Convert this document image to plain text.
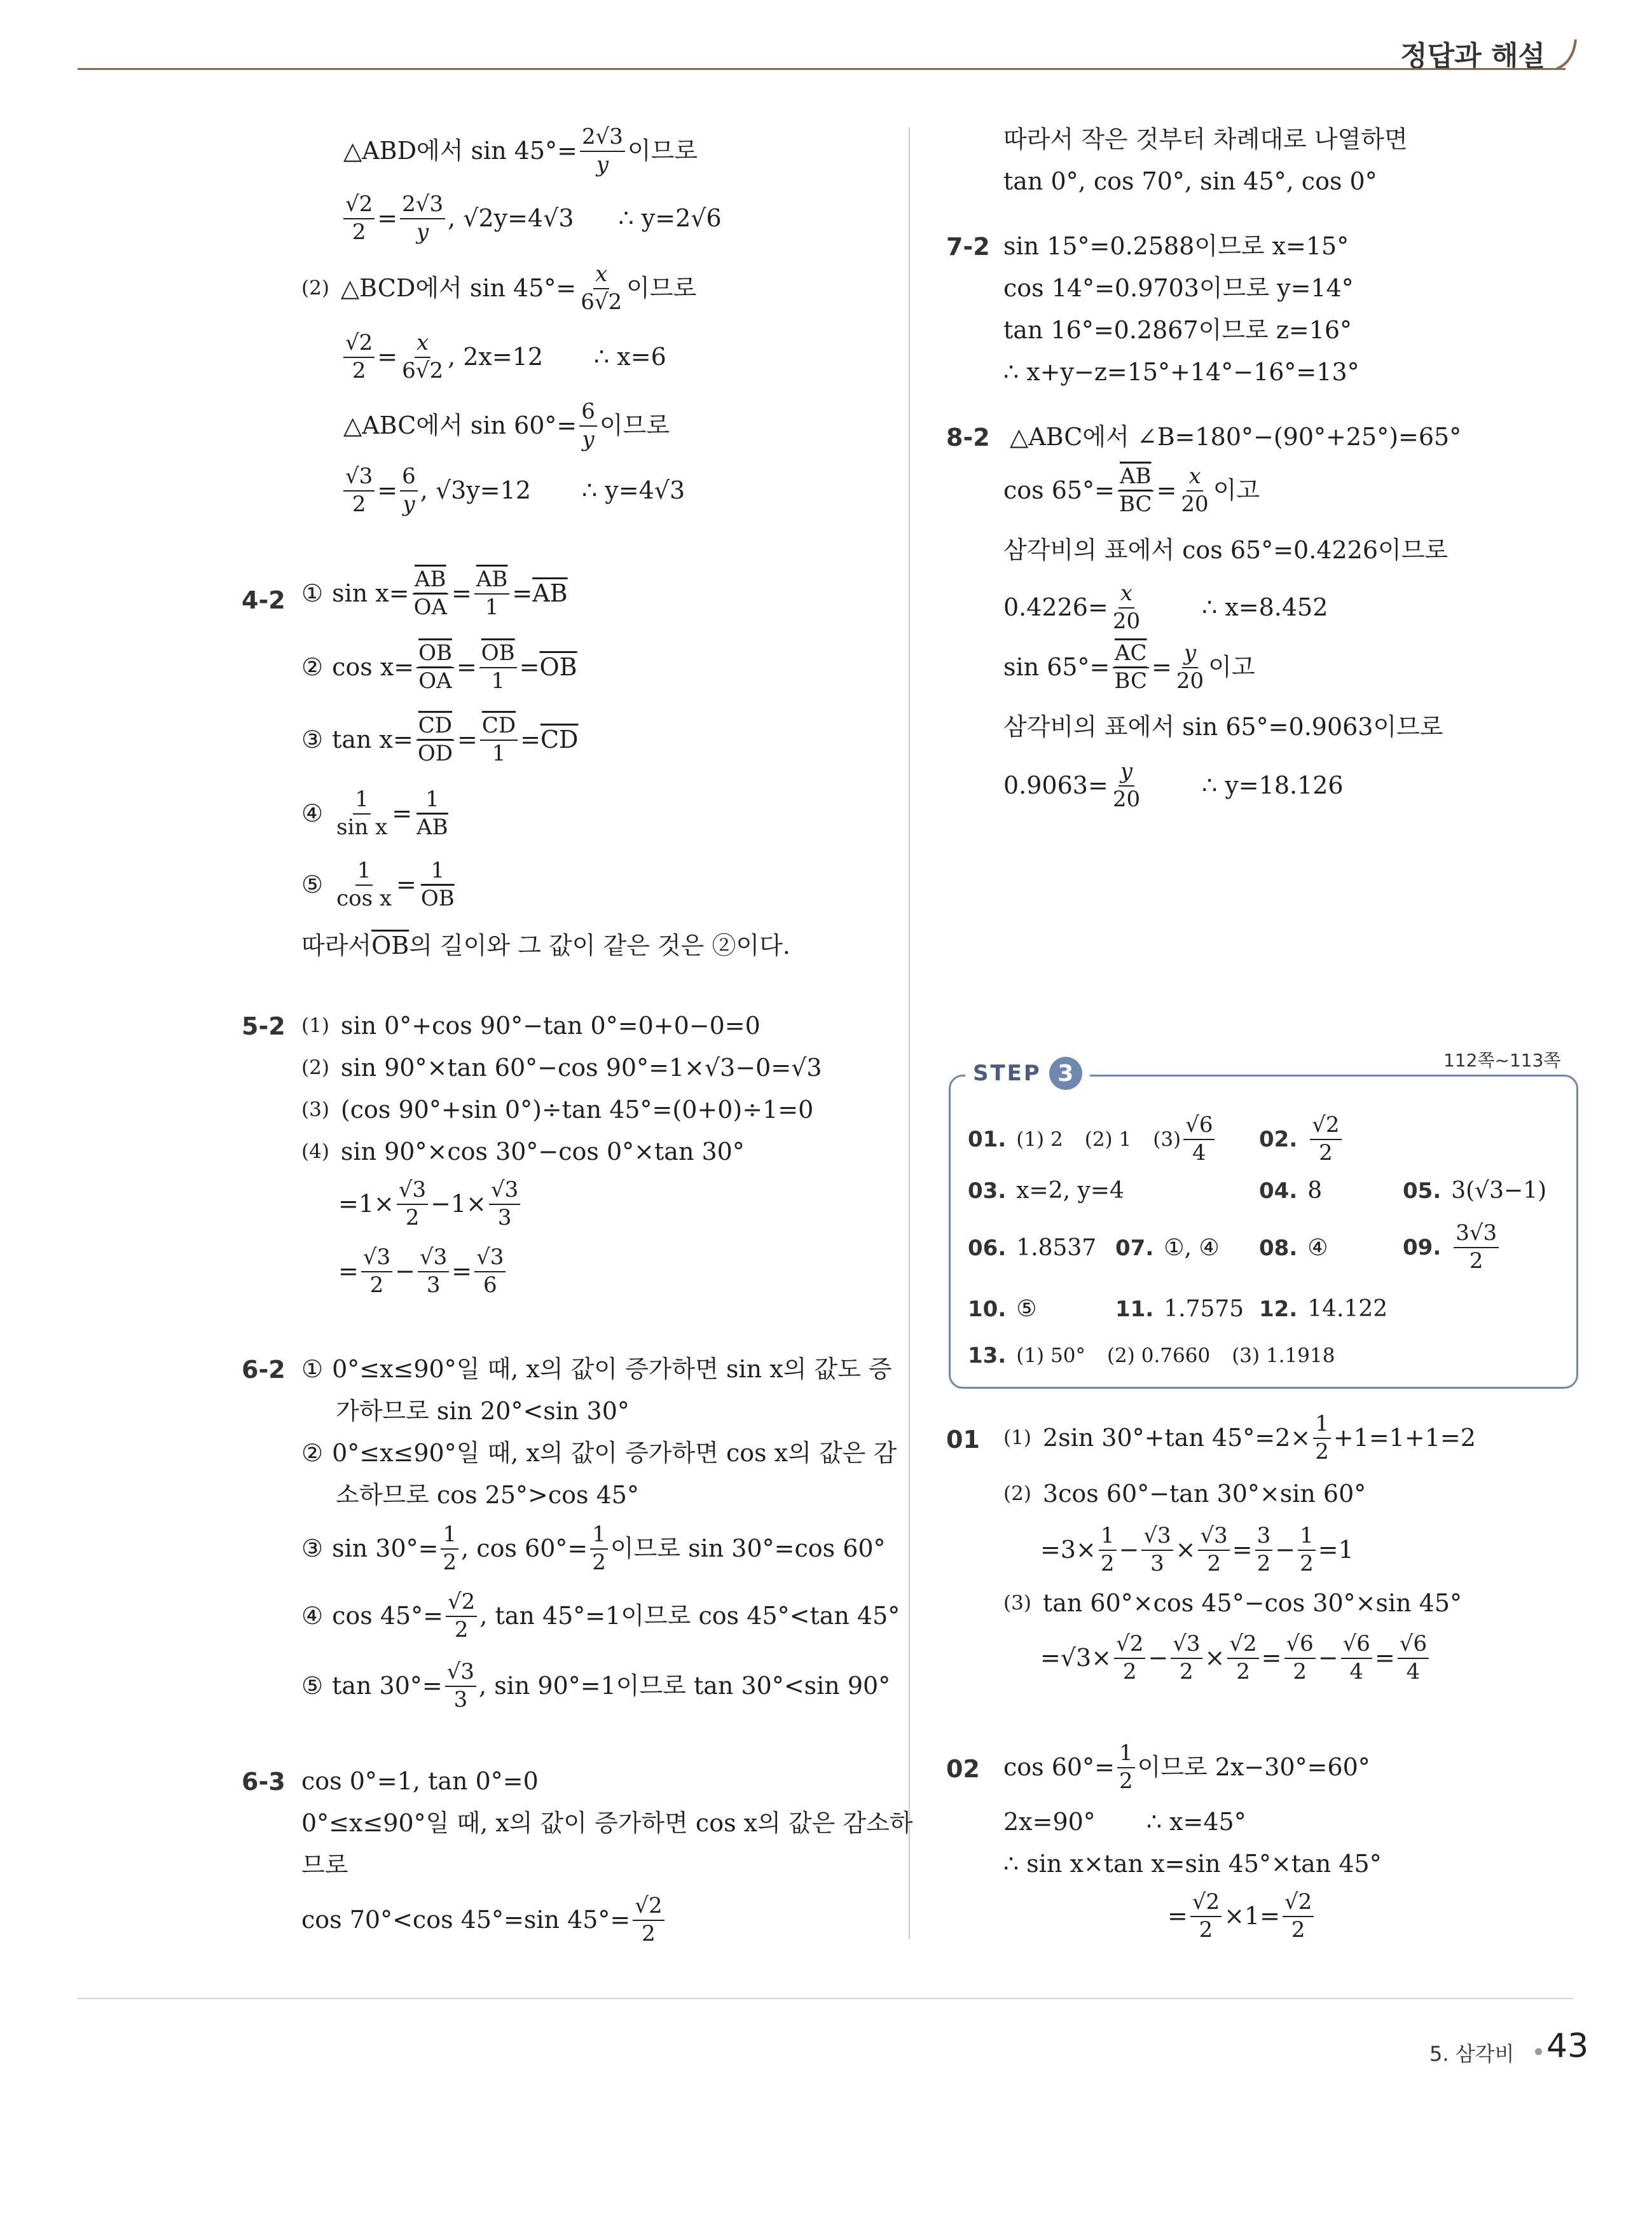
정답과 해설
△ABD에서 $\sin 45^\circ= \frac{2√3}{y}$ 이므로
$\frac{√2}{2} = \frac{2√3}{y}$ , √2y=4√3 ∴ y=2√6
(2) △BCD에서 $\sin 45^\circ= \frac{x}{6√2}$ 이므로
$\frac{√2}{2} = \frac{x}{6√2}$ , 2x=12 ∴ x=6
△ABC에서 $\sin 60^\circ= \frac{6}{y}$ 이므로
$\frac{√3}{2} = \frac{6}{y}$ , √3y=12 ∴ y=4√3
4-2 ① $\sin x= \frac{\overline{AB}}{OA} = \frac{\overline{AB}}{1} = \overline{AB}$
② $\cos x= \frac{\overline{OB}}{OA} = \frac{\overline{OB}}{1} = \overline{OB}$
③ $\tan x= \frac{\overline{CD}}{OD} = \frac{\overline{CD}}{1} = \overline{CD}$
④ $\frac{1}{\text{sin x}} = \frac{1}{AB}$
⑤ $\frac{1}{\text{cos x}} = \frac{1}{OB}$
따라서 $\overline{OB}$ 의 길이와 그 값이 같은 것은 ②이다.
5-2 (1) sin 0°+cos 90°−tan 0°=0+0−0=0
(2) sin 90°×tan 60°−cos 90°=1×√3−0=√3
(3) (cos 90°+sin 0°)÷tan 45°=(0+0)÷1=0
(4) sin 90°×cos 30°−cos 0°×tan 30°
$=1\times \frac{√3}{2} -1\times \frac{√3}{3}$
= $\frac{√3}{2} - \frac{√3}{3} = \frac{√3}{6}$
6-2 ① 0°≤x≤90°일 때, x의 값이 증가하면 sin x의 값도 증
가하므로 sin 20°<sin 30°
② 0°≤x≤90°일 때, x의 값이 증가하면 cos x의 값은 감
소하므로 cos 25°>cos 45°
③ $\sin 30^\circ= \frac{1}{2}$ , $\cos 60^\circ= \frac{1}{2}$ 이므로 sin 30°=cos 60°
④ $\cos 45^\circ= \frac{√2}{2}$ , tan 45°=1이므로 cos 45°<tan 45°
⑤ $\tan 30^\circ= \frac{√3}{3}$ , sin 90°=1이므로 tan 30°<sin 90°
6-3 cos 0°=1, tan 0°=0
0°≤x≤90°일 때, x의 값이 증가하면 cos x의 값은 감소하
므로
cos 70°<cos 45°=sin $45^\circ= \frac{√2}{2}$
따라서 작은 것부터 차례대로 나열하면
tan 0°, cos 70°, sin 45°, cos 0°
7-2 sin 15°=0.2588이므로 x=15°
cos 14°=0.9703이므로 y=14°
tan 16°=0.2867이므로 z=16°
∴ x+y−z=15°+14°−16°=13°
8-2 △ABC에서 ∠B=180°−(90°+25°)=65°
$\cos 65^\circ= \frac{\overline{AB}}{BC} = \frac{x}{20}$ 이고
삼각비의 표에서 cos 65°=0.4226이므로
$0.4226= \frac{x}{20}$ ∴ x=8.452
$\sin 65^\circ= \frac{\overline{AC}}{BC} = \frac{y}{20}$ 이고
삼각비의 표에서 sin 65°=0.9063이므로
$0.9063= \frac{y}{20}$ ∴ y=18.126
112쪽~113쪽
STEP 3
01. (1) 2 (2) 1 $(3) \frac{√6}{4} 02$. $\frac{√2}{2}$
03. x=2, y=4	04. 8	05. 3(√3−1)
06. 1.8537 07. ①, ④ 08. ④	09. $\frac{3√3}{2}$
10. ⑤	11. 1.7575 12. 14.122
13. (1) 50° (2) 0.7660 (3) 1.1918
01 (1) 2sin 30°+tan $45^\circ=2\times \frac{1}{2} +1=1+1=2$
(2) 3cos 60°−tan 30°×sin 60°
$=3\times \frac{1}{2} - \frac{√3}{3} \times \frac{√3}{2} = \frac{3}{2} - \frac{1}{2} =1$
(3) tan 60°×cos 45°−cos 30°×sin 45°
$=√3\times \frac{√2}{2} - \frac{√3}{2} \times \frac{√2}{2} = \frac{√6}{2} - \frac{√6}{4} = \frac{√6}{4}$
02 $\cos 60^\circ= \frac{1}{2}$ 이므로 2x−30°=60°
2x=90° ∴ x=45°
∴ sin x×tan x=sin 45°×tan 45°
= $\frac{√2}{2} \times 1= \frac{√2}{2}$
5. 삼각비 43
